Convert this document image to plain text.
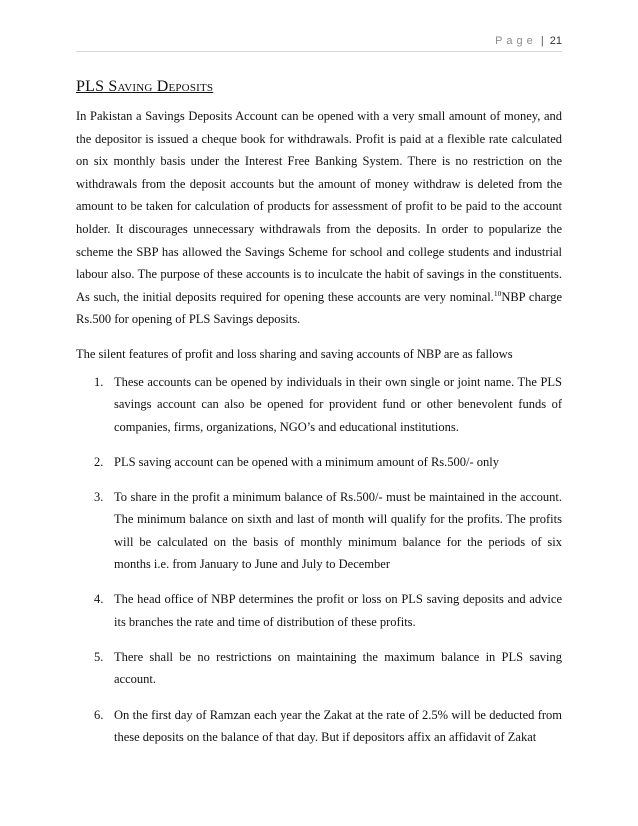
Page | 21
PLS Saving Deposits

In Pakistan a Savings Deposits Account can be opened with a very small amount of money, and the depositor is issued a cheque book for withdrawals. Profit is paid at a flexible rate calculated on six monthly basis under the Interest Free Banking System. There is no restriction on the withdrawals from the deposit accounts but the amount of money withdraw is deleted from the amount to be taken for calculation of products for assessment of profit to be paid to the account holder. It discourages unnecessary withdrawals from the deposits. In order to popularize the scheme the SBP has allowed the Savings Scheme for school and college students and industrial labour also. The purpose of these accounts is to inculcate the habit of savings in the constituents. As such, the initial deposits required for opening these accounts are very nominal.$^{10}$NBP charge Rs.500 for opening of PLS Savings deposits.

The silent features of profit and loss sharing and saving accounts of NBP are as fallows

1. These accounts can be opened by individuals in their own single or joint name. The PLS savings account can also be opened for provident fund or other benevolent funds of companies, firms, organizations, NGO’s and educational institutions.
2. PLS saving account can be opened with a minimum amount of Rs.500/- only
3. To share in the profit a minimum balance of Rs.500/- must be maintained in the account. The minimum balance on sixth and last of month will qualify for the profits. The profits will be calculated on the basis of monthly minimum balance for the periods of six months i.e. from January to June and July to December
4. The head office of NBP determines the profit or loss on PLS saving deposits and advice its branches the rate and time of distribution of these profits.
5. There shall be no restrictions on maintaining the maximum balance in PLS saving account.
6. On the first day of Ramzan each year the Zakat at the rate of 2.5% will be deducted from these deposits on the balance of that day. But if depositors affix an affidavit of Zakat
